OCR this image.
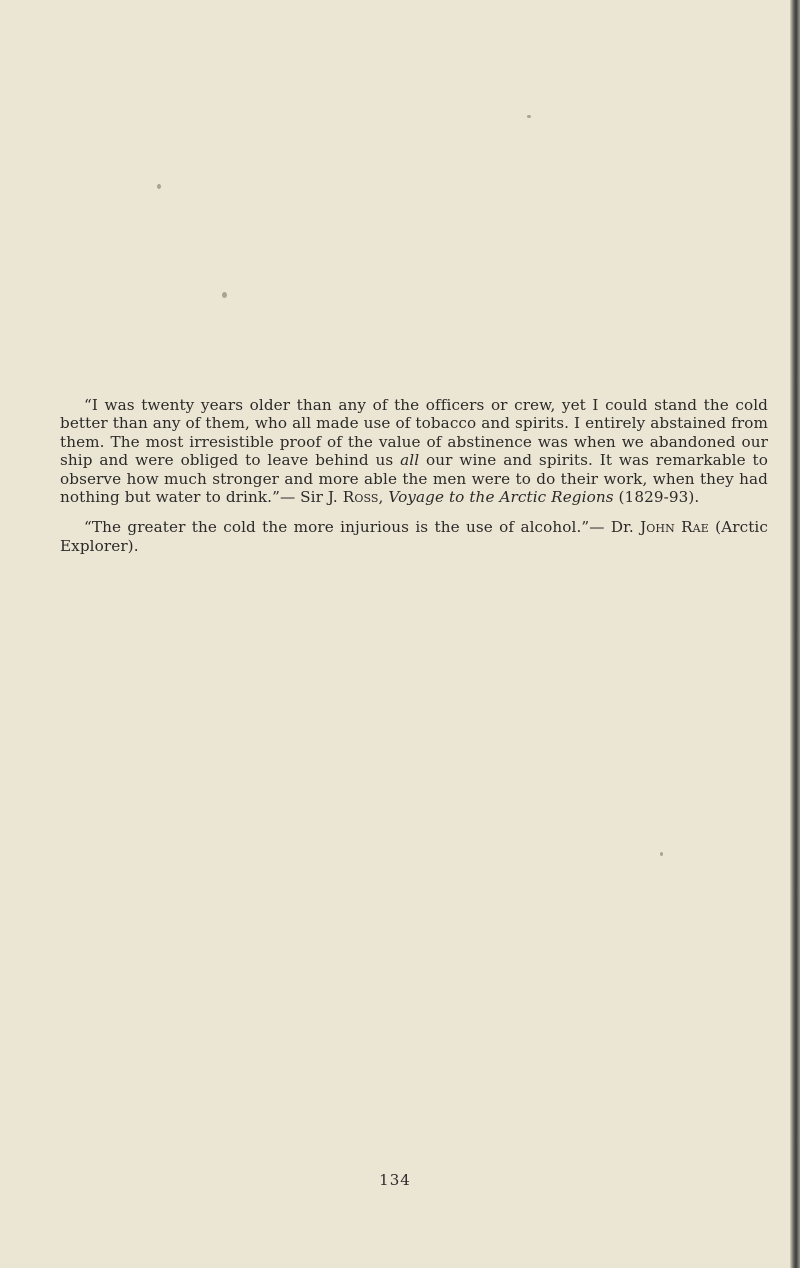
“I was twenty years older than any of the officers or crew, yet I could stand the cold better than any of them, who all made use of tobacco and spirits. I entirely abstained from them. The most irresistible proof of the value of abstinence was when we abandoned our ship and were obliged to leave behind us all our wine and spirits. It was remarkable to observe how much stronger and more able the men were to do their work, when they had nothing but water to drink.”— Sir J. Ross, Voyage to the Arctic Regions (1829-93).

“The greater the cold the more injurious is the use of alcohol.”— Dr. John Rae (Arctic Explorer).

134
